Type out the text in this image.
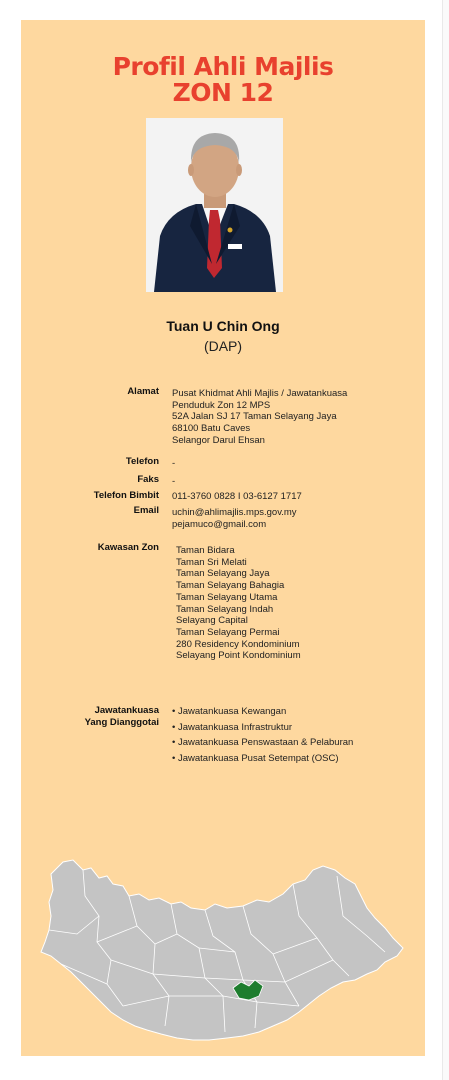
Profil Ahli Majlis
ZON 12
Tuan U Chin Ong
(DAP)
Alamat Pusat Khidmat Ahli Majlis / Jawatankuasa
Penduduk Zon 12 MPS
52A Jalan SJ 17 Taman Selayang Jaya
68100 Batu Caves
Selangor Darul Ehsan
Telefon -
Faks -
Telefon Bimbit 011-3760 0828 I 03-6127 1717
Email uchin@ahlimajlis.mps.gov.my
pejamuco@gmail.com
Kawasan Zon Taman Bidara
Taman Sri Melati
Taman Selayang Jaya
Taman Selayang Bahagia
Taman Selayang Utama
Taman Selayang Indah
Selayang Capital
Taman Selayang Permai
280 Residency Kondominium
Selayang Point Kondominium
Jawatankuasa
Yang Dianggotai
• Jawatankuasa Kewangan
• Jawatankuasa Infrastruktur
• Jawatankuasa Penswastaan & Pelaburan
• Jawatankuasa Pusat Setempat (OSC)
